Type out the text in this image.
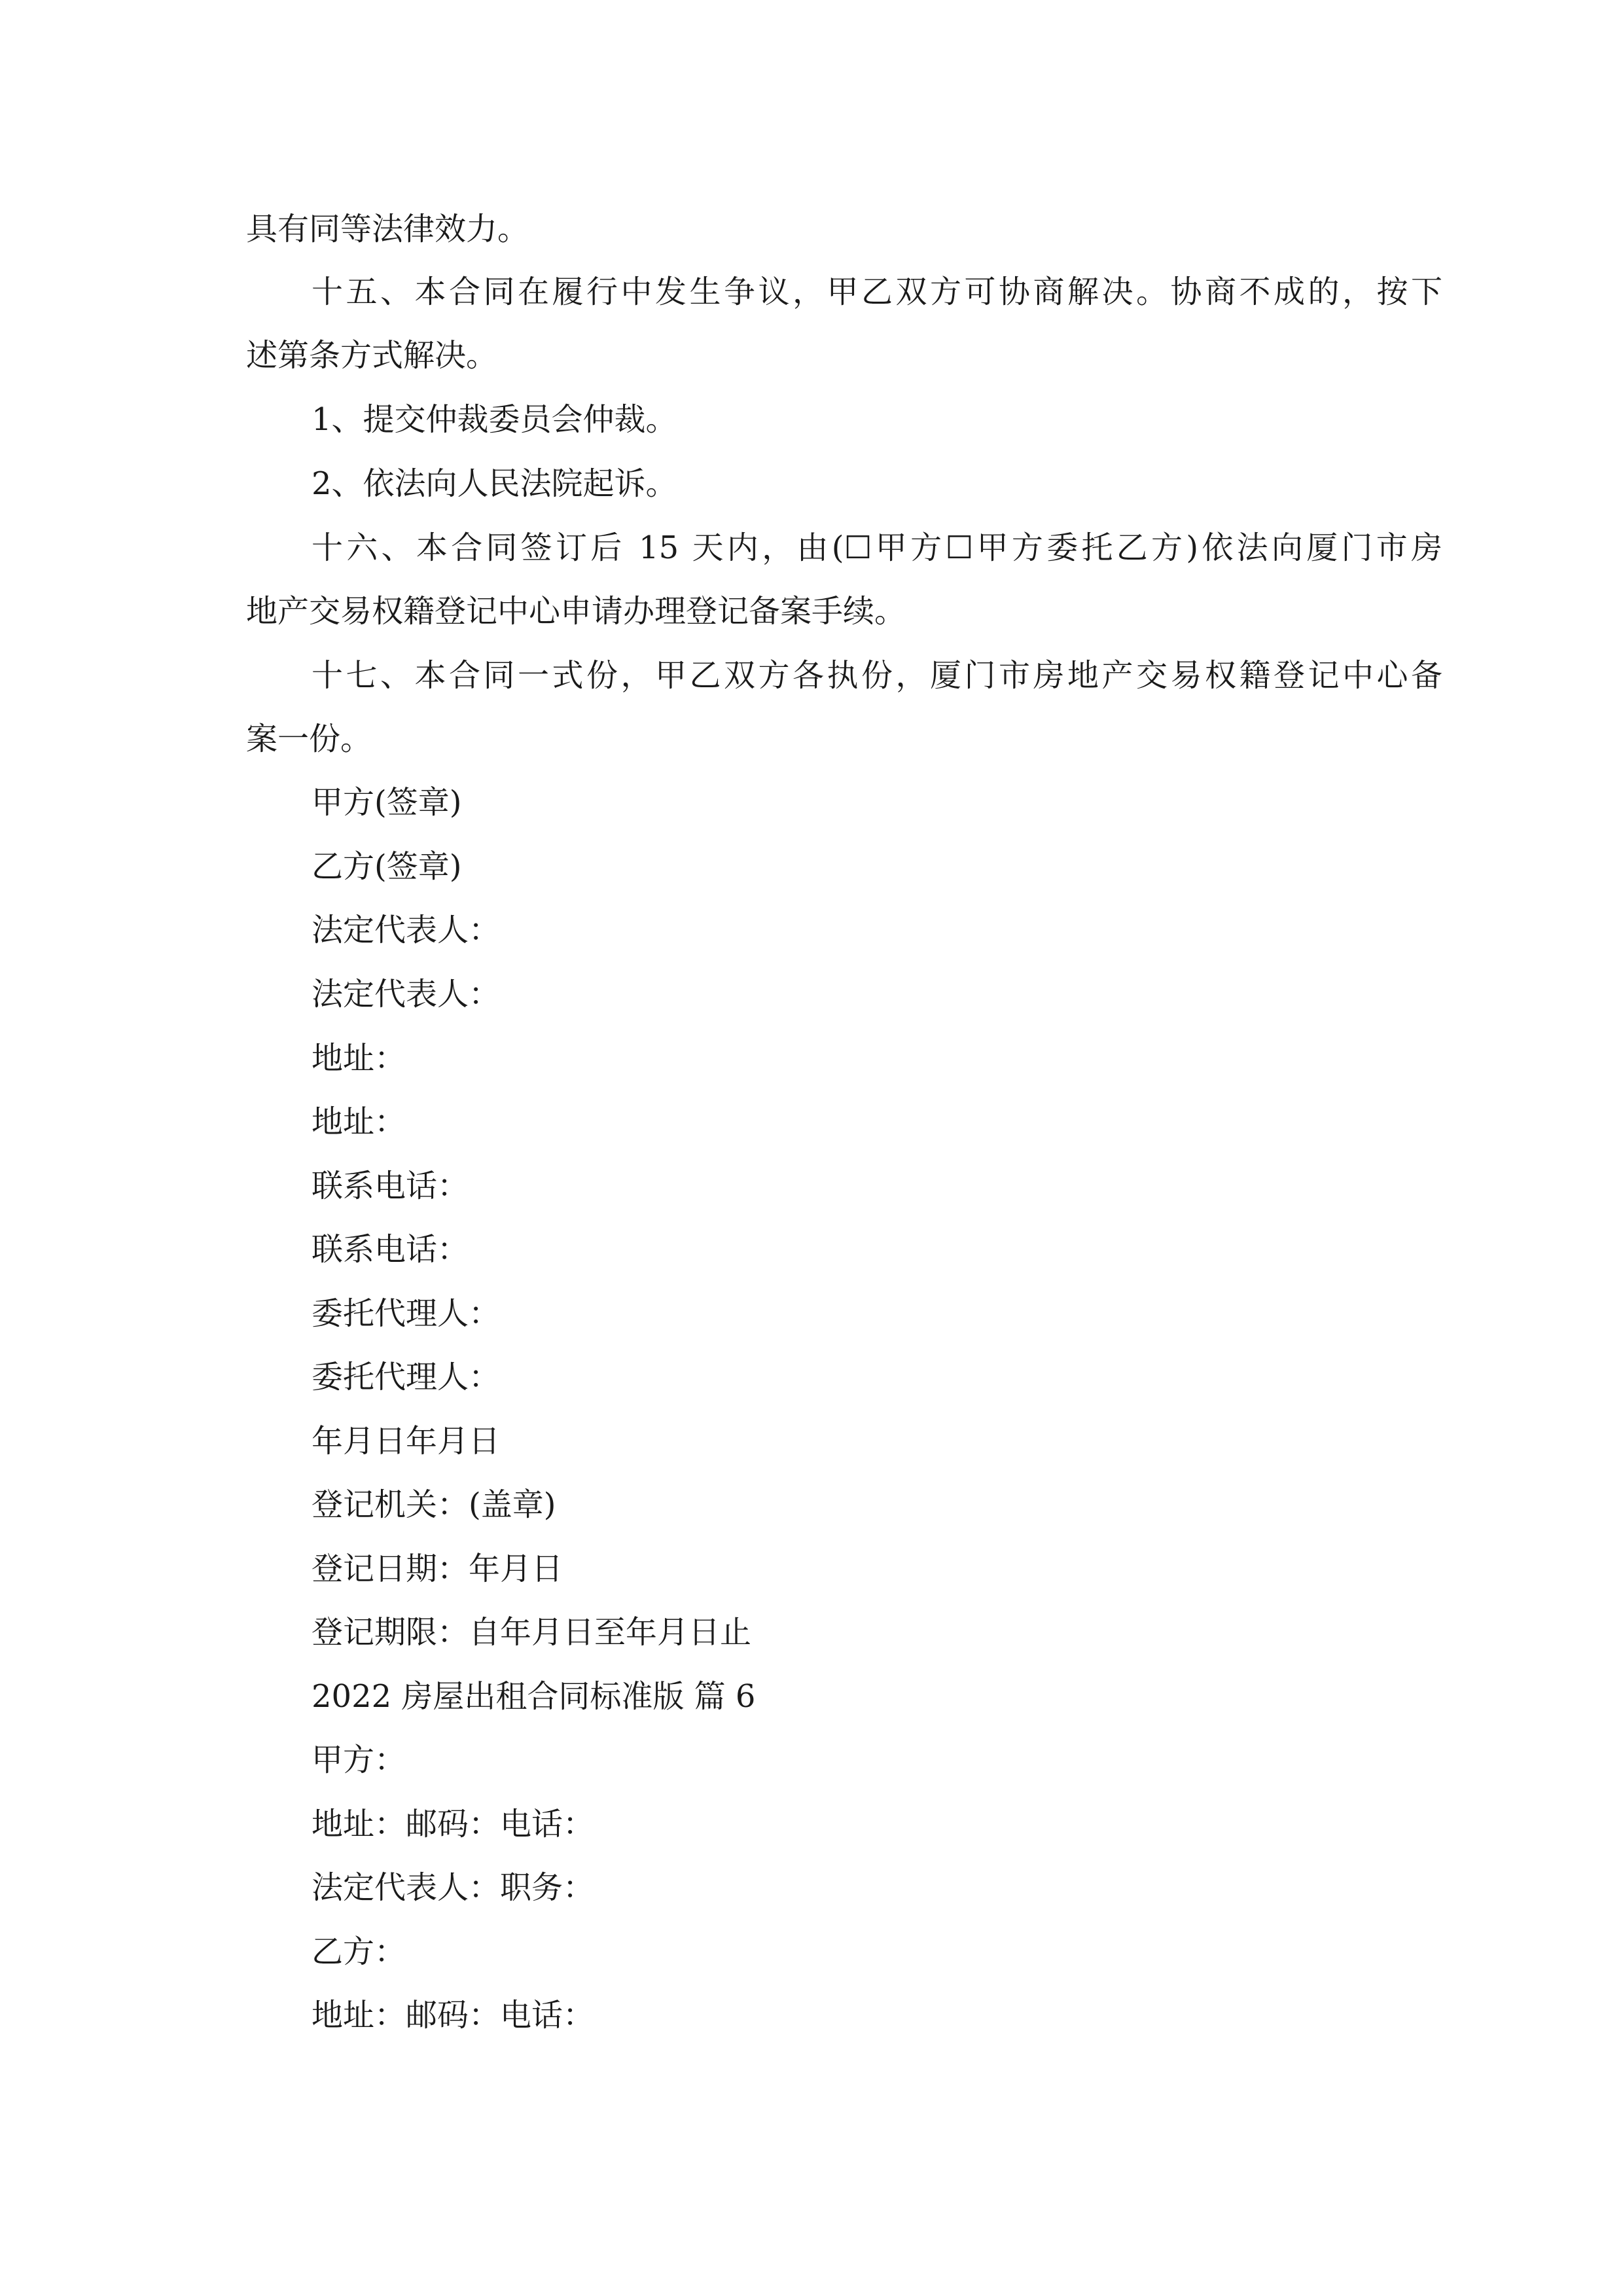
具有同等法律效力。

十五、本合同在履行中发生争议，甲乙双方可协商解决。协商不成的，按下

述第条方式解决。

1、提交仲裁委员会仲裁。

2、依法向人民法院起诉。

十六、本合同签订后 15 天内，由(☐甲方☐甲方委托乙方)依法向厦门市房

地产交易权籍登记中心申请办理登记备案手续。

十七、本合同一式份，甲乙双方各执份，厦门市房地产交易权籍登记中心备

案一份。

甲方(签章)

乙方(签章)

法定代表人：

法定代表人：

地址：

地址：

联系电话：

联系电话：

委托代理人：

委托代理人：

年月日年月日

登记机关：(盖章)

登记日期：年月日

登记期限：自年月日至年月日止

2022 房屋出租合同标准版 篇 6

甲方：

地址：邮码：电话：

法定代表人：职务：

乙方：

地址：邮码：电话：
